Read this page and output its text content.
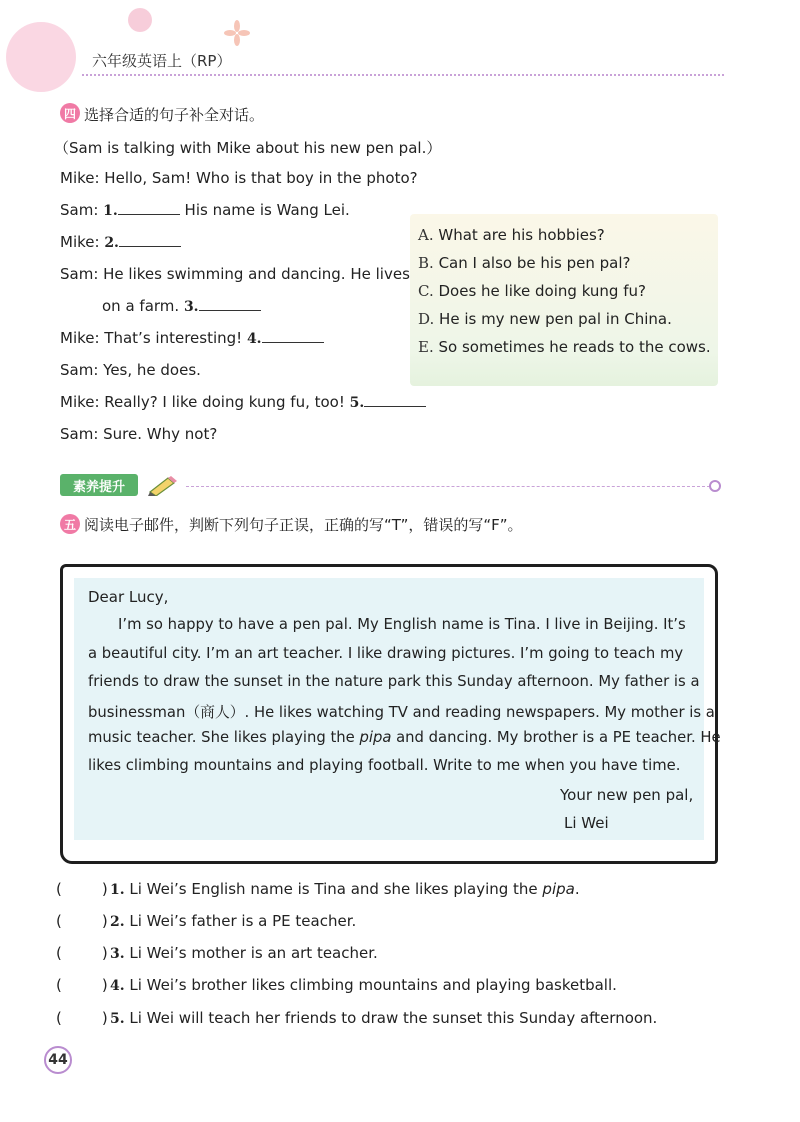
六年级英语上（RP）
四 选择合适的句子补全对话。
（Sam is talking with Mike about his new pen pal.）
Mike: Hello, Sam! Who is that boy in the photo?
Sam: 1.	His name is Wang Lei.
Mike: 2.
Sam: He likes swimming and dancing. He lives
on a farm. 3.
Mike: That’s interesting! 4.
Sam: Yes, he does.
Mike: Really? I like doing kung fu, too! 5.
Sam: Sure. Why not?
A. What are his hobbies?
B. Can I also be his pen pal?
C. Does he like doing kung fu?
D. He is my new pen pal in China.
E. So sometimes he reads to the cows.
素养提升
五 阅读电子邮件，判断下列句子正误，正确的写“T”，错误的写“F”。
Dear Lucy,
I’m so happy to have a pen pal. My English name is Tina. I live in Beijing. It’s
a beautiful city. I’m an art teacher. I like drawing pictures. I’m going to teach my
friends to draw the sunset in the nature park this Sunday afternoon. My father is a
businessman（商人）. He likes watching TV and reading newspapers. My mother is a
music teacher. She likes playing the pipa and dancing. My brother is a PE teacher. He
likes climbing mountains and playing football. Write to me when you have time.
Your new pen pal,
Li Wei
(	) 1. Li Wei’s English name is Tina and she likes playing the pipa.
(	) 2. Li Wei’s father is a PE teacher.
(	) 3. Li Wei’s mother is an art teacher.
(	) 4. Li Wei’s brother likes climbing mountains and playing basketball.
(	) 5. Li Wei will teach her friends to draw the sunset this Sunday afternoon.
44
